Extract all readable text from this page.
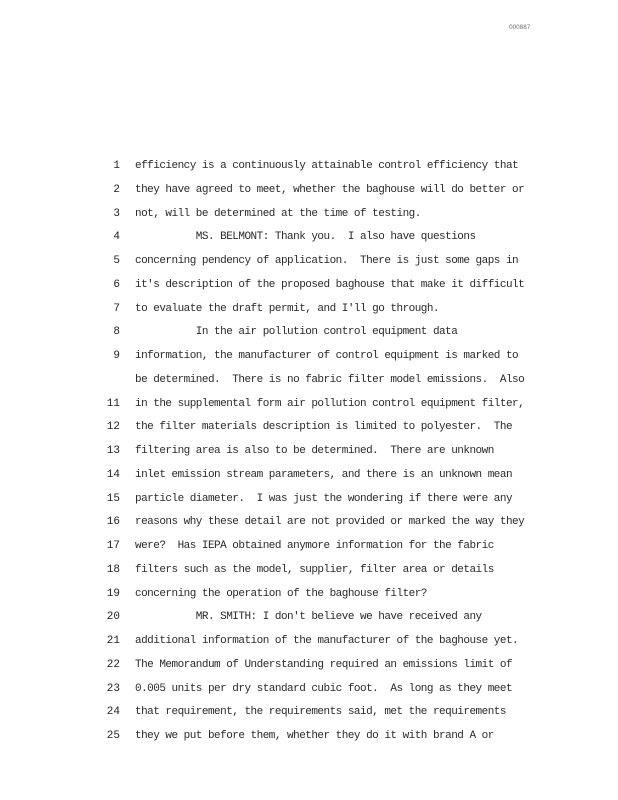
000887
1 efficiency is a continuously attainable control efficiency that
2 they have agreed to meet, whether the baghouse will do better or
3 not, will be determined at the time of testing.
4 MS. BELMONT: Thank you.  I also have questions
5 concerning pendency of application.  There is just some gaps in
6 it's description of the proposed baghouse that make it difficult
7 to evaluate the draft permit, and I'll go through.
8 In the air pollution control equipment data
9 information, the manufacturer of control equipment is marked to
be determined.  There is no fabric filter model emissions.  Also
11 in the supplemental form air pollution control equipment filter,
12 the filter materials description is limited to polyester.  The
13 filtering area is also to be determined.  There are unknown
14 inlet emission stream parameters, and there is an unknown mean
15 particle diameter.  I was just the wondering if there were any
16 reasons why these detail are not provided or marked the way they
17 were?  Has IEPA obtained anymore information for the fabric
18 filters such as the model, supplier, filter area or details
19 concerning the operation of the baghouse filter?
20 MR. SMITH: I don't believe we have received any
21 additional information of the manufacturer of the baghouse yet.
22 The Memorandum of Understanding required an emissions limit of
23 0.005 units per dry standard cubic foot.  As long as they meet
24 that requirement, the requirements said, met the requirements
25 they we put before them, whether they do it with brand A or
